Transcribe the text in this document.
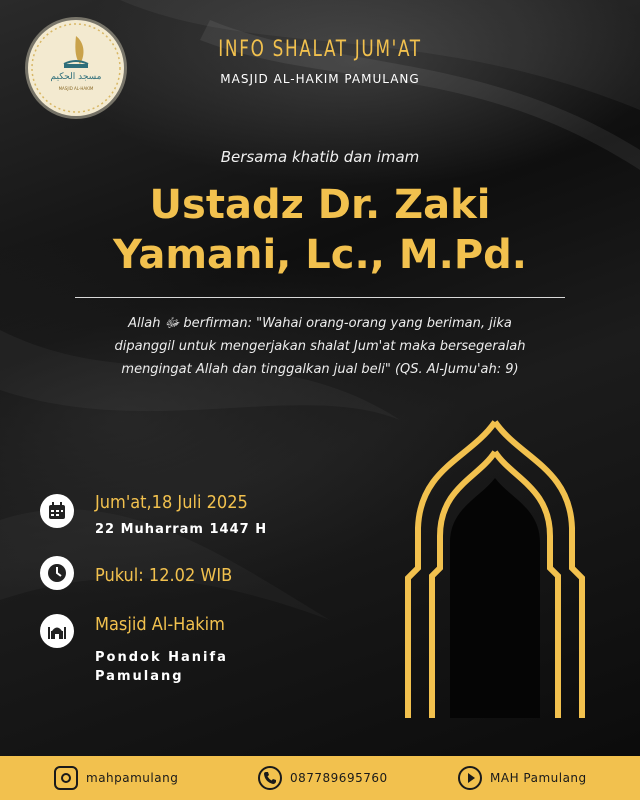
مسجد الحكيم
MASJID AL-HAKIM
INFO SHALAT JUM'AT
MASJID AL-HAKIM PAMULANG
Bersama khatib dan imam
Ustadz Dr. Zaki
Yamani, Lc., M.Pd.
Allah ﷻ berfirman: "Wahai orang-orang yang beriman, jika
dipanggil untuk mengerjakan shalat Jum'at maka bersegeralah
mengingat Allah dan tinggalkan jual beli" (QS. Al-Jumu'ah: 9)
Jum'at,18 Juli 2025
22 Muharram 1447 H
Pukul: 12.02 WIB
Masjid Al-Hakim
Pondok Hanifa
Pamulang
mahpamulang	087789695760	MAH Pamulang
